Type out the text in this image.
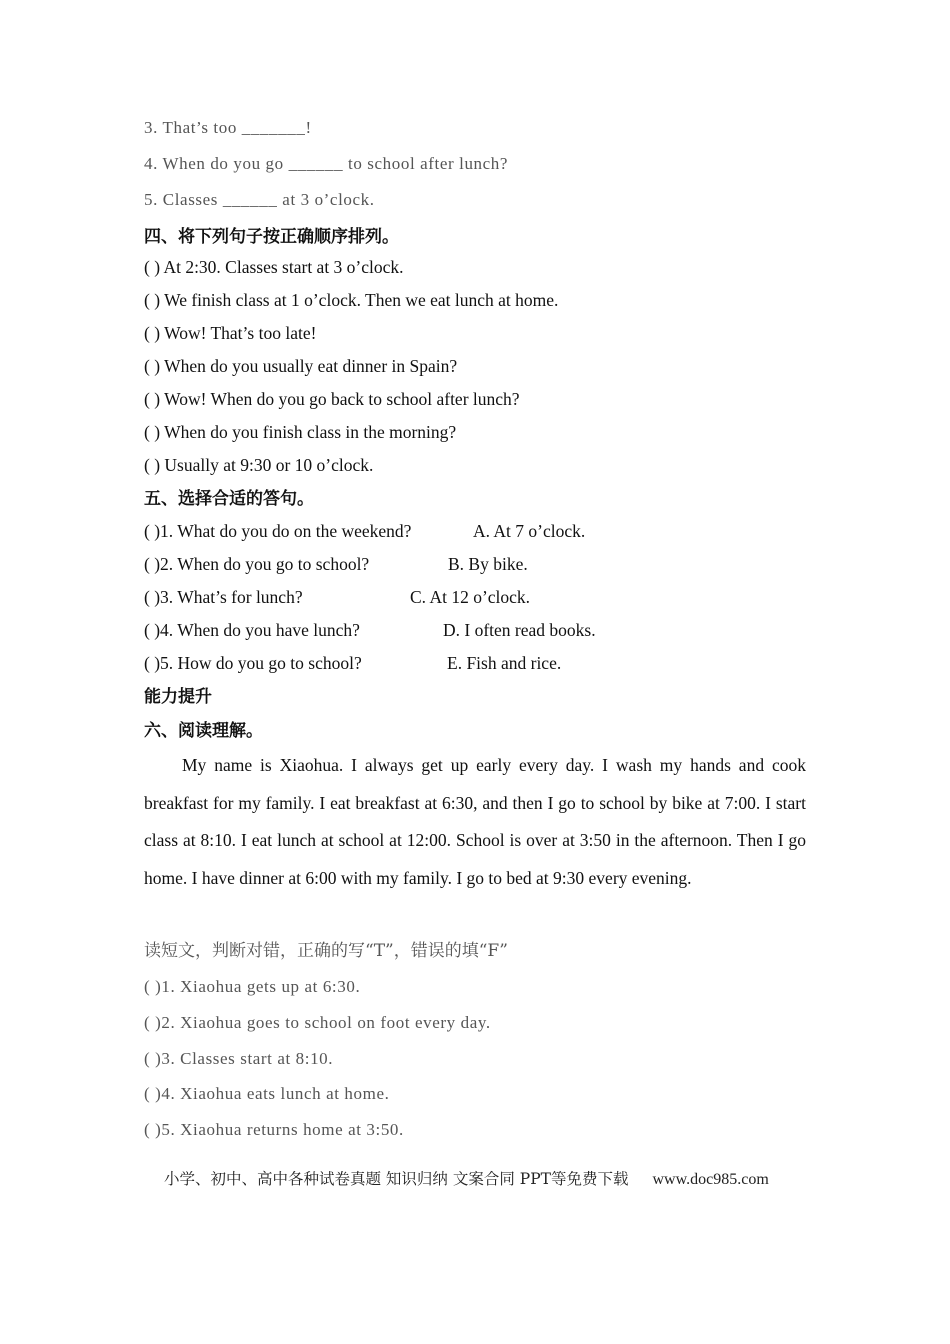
3. That’s too _______!
4. When do you go ______ to school after lunch?
5. Classes ______ at 3 o’clock.
四、将下列句子按正确顺序排列。
( ) At 2:30. Classes start at 3 o’clock.
( ) We finish class at 1 o’clock. Then we eat lunch at home.
( ) Wow! That’s too late!
( ) When do you usually eat dinner in Spain?
( ) Wow! When do you go back to school after lunch?
( ) When do you finish class in the morning?
( ) Usually at 9:30 or 10 o’clock.
五、选择合适的答句。
( )1. What do you do on the weekend?	A. At 7 o’clock.
( )2. When do you go to school?	B. By bike.
( )3. What’s for lunch?	C. At 12 o’clock.
( )4. When do you have lunch?	D. I often read books.
( )5. How do you go to school?	E. Fish and rice.
能力提升
六、阅读理解。
My name is Xiaohua. I always get up early every day. I wash my hands and cook breakfast for my family. I eat breakfast at 6:30, and then I go to school by bike at 7:00. I start class at 8:10. I eat lunch at school at 12:00. School is over at 3:50 in the afternoon. Then I go home. I have dinner at 6:00 with my family. I go to bed at 9:30 every evening.
读短文，判断对错，正确的写“T”，错误的填“F”
( )1. Xiaohua gets up at 6:30.
( )2. Xiaohua goes to school on foot every day.
( )3. Classes start at 8:10.
( )4. Xiaohua eats lunch at home.
( )5. Xiaohua returns home at 3:50.
小学、初中、高中各种试卷真题 知识归纳 文案合同 PPT等免费下载 www.doc985.com
